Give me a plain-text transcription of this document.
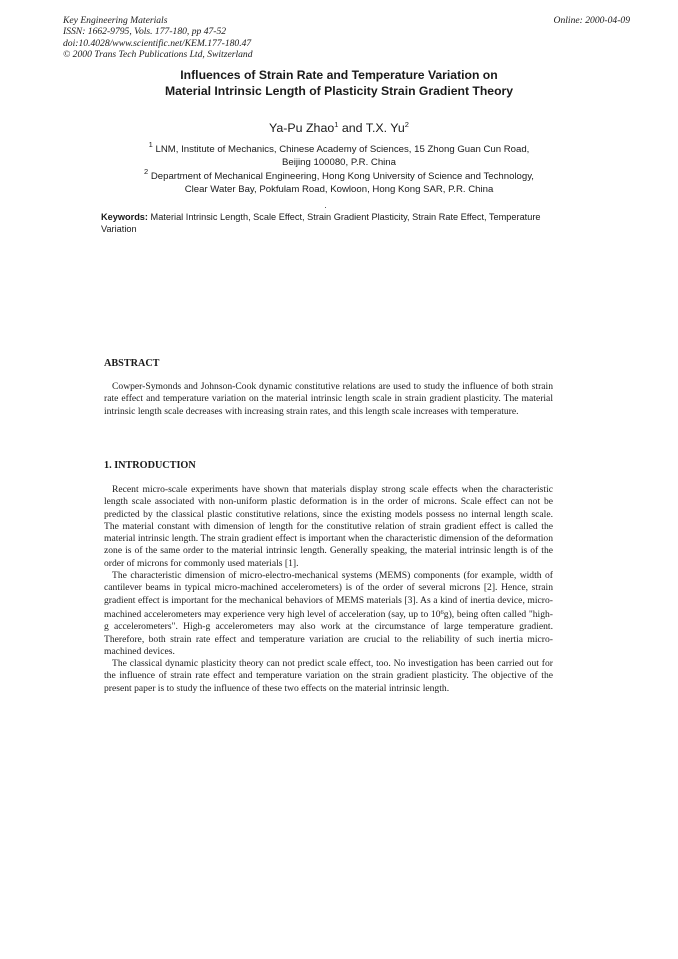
Key Engineering Materials
ISSN: 1662-9795, Vols. 177-180, pp 47-52
doi:10.4028/www.scientific.net/KEM.177-180.47
© 2000 Trans Tech Publications Ltd, Switzerland
Online: 2000-04-09
Influences of Strain Rate and Temperature Variation on
Material Intrinsic Length of Plasticity Strain Gradient Theory
Ya-Pu Zhao$^1$ and T.X. Yu$^2$
$^1$ LNM, Institute of Mechanics, Chinese Academy of Sciences, 15 Zhong Guan Cun Road,
Beijing 100080, P.R. China
$^2$ Department of Mechanical Engineering, Hong Kong University of Science and Technology,
Clear Water Bay, Pokfulam Road, Kowloon, Hong Kong SAR, P.R. China
Keywords: Material Intrinsic Length, Scale Effect, Strain Gradient Plasticity, Strain Rate Effect, Temperature Variation
ABSTRACT

Cowper-Symonds and Johnson-Cook dynamic constitutive relations are used to study the influence of both strain rate effect and temperature variation on the material intrinsic length scale in strain gradient plasticity. The material intrinsic length scale decreases with increasing strain rates, and this length scale increases with temperature.

1. INTRODUCTION

Recent micro-scale experiments have shown that materials display strong scale effects when the characteristic length scale associated with non-uniform plastic deformation is in the order of microns. Scale effect can not be predicted by the classical plastic constitutive relations, since the existing models possess no internal length scale. The material constant with dimension of length for the constitutive relation of strain gradient effect is called the material intrinsic length. The strain gradient effect is important when the characteristic dimension of the deformation zone is of the same order to the material intrinsic length. Generally speaking, the material intrinsic length is of the order of microns for commonly used materials [1].

The characteristic dimension of micro-electro-mechanical systems (MEMS) components (for example, width of cantilever beams in typical micro-machined accelerometers) is of the order of several microns [2]. Hence, strain gradient effect is important for the mechanical behaviors of MEMS materials [3]. As a kind of inertia device, micro-machined accelerometers may experience very high level of acceleration (say, up to $10^6g$), being often called "high-g accelerometers". High-g accelerometers may also work at the circumstance of large temperature gradient. Therefore, both strain rate effect and temperature variation are crucial to the reliability of such inertia micro-machined devices.

The classical dynamic plasticity theory can not predict scale effect, too. No investigation has been carried out for the influence of strain rate effect and temperature variation on the strain gradient plasticity. The objective of the present paper is to study the influence of these two effects on the material intrinsic length.
